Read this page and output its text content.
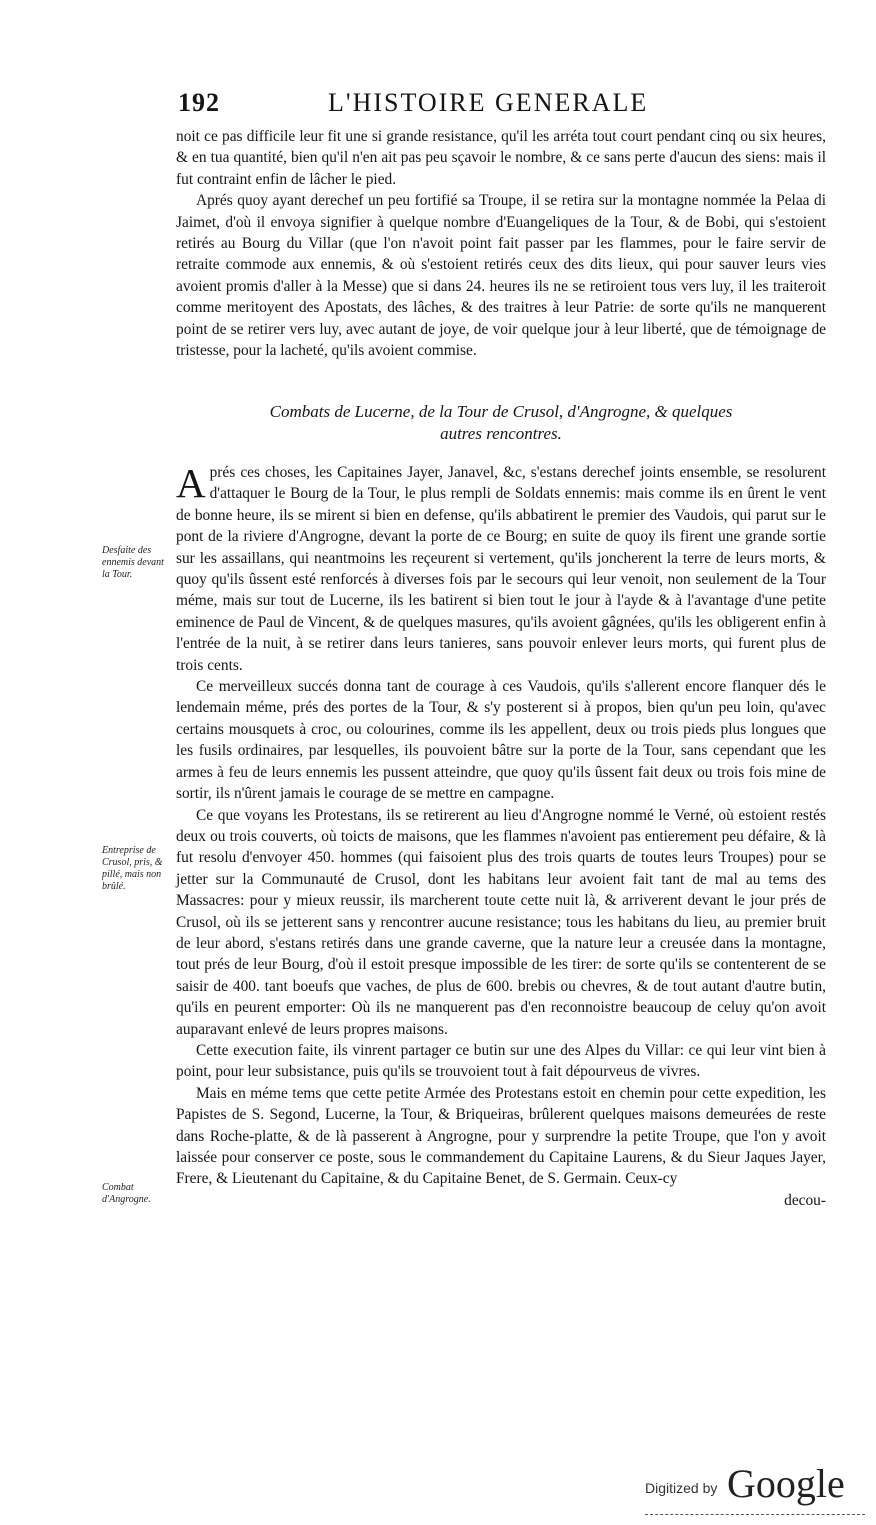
192	L'HISTOIRE GENERALE

noit ce pas difficile leur fit une si grande resistance, qu'il les arréta tout court pendant cinq ou six heures, & en tua quantité, bien qu'il n'en ait pas peu sçavoir le nombre, & ce sans perte d'aucun des siens: mais il fut contraint enfin de lâcher le pied.

Aprés quoy ayant derechef un peu fortifié sa Troupe, il se retira sur la montagne nommée la Pelaa di Jaimet, d'où il envoya signifier à quelque nombre d'Euangeliques de la Tour, & de Bobi, qui s'estoient retirés au Bourg du Villar (que l'on n'avoit point fait passer par les flammes, pour le faire servir de retraite commode aux ennemis, & où s'estoient retirés ceux des dits lieux, qui pour sauver leurs vies avoient promis d'aller à la Messe) que si dans 24. heures ils ne se retiroient tous vers luy, il les traiteroit comme meritoyent des Apostats, des lâches, & des traitres à leur Patrie: de sorte qu'ils ne manquerent point de se retirer vers luy, avec autant de joye, de voir quelque jour à leur liberté, que de témoignage de tristesse, pour la lacheté, qu'ils avoient commise.

Combats de Lucerne, de la Tour de Crusol, d'Angrogne, & quelques
autres rencontres.

A prés ces choses, les Capitaines Jayer, Janavel, &c, s'estans derechef joints ensemble, se resolurent d'attaquer le Bourg de la Tour, le plus rempli de Soldats ennemis: mais comme ils en ûrent le vent de bonne heure, ils se mirent si bien en defense, qu'ils abbatirent le premier des Vaudois, qui parut sur le pont de la riviere d'Angrogne, devant la porte de ce Bourg; en suite de quoy ils firent une grande sortie sur les assaillans, qui neantmoins les reçeurent si vertement, qu'ils joncherent la terre de leurs morts, & quoy qu'ils ûssent esté renforcés à diverses fois par le secours qui leur venoit, non seulement de la Tour méme, mais sur tout de Lucerne, ils les batirent si bien tout le jour à l'ayde & à l'avantage d'une petite eminence de Paul de Vincent, & de quelques masures, qu'ils avoient gâgnées, qu'ils les obligerent enfin à l'entrée de la nuit, à se retirer dans leurs tanieres, sans pouvoir enlever leurs morts, qui furent plus de trois cents.

Ce merveilleux succés donna tant de courage à ces Vaudois, qu'ils s'allerent encore flanquer dés le lendemain méme, prés des portes de la Tour, & s'y posterent si à propos, bien qu'un peu loin, qu'avec certains mousquets à croc, ou colourines, comme ils les appellent, deux ou trois pieds plus longues que les fusils ordinaires, par lesquelles, ils pouvoient bâtre sur la porte de la Tour, sans cependant que les armes à feu de leurs ennemis les pussent atteindre, que quoy qu'ils ûssent fait deux ou trois fois mine de sortir, ils n'ûrent jamais le courage de se mettre en campagne.

Ce que voyans les Protestans, ils se retirerent au lieu d'Angrogne nommé le Verné, où estoient restés deux ou trois couverts, où toicts de maisons, que les flammes n'avoient pas entierement peu défaire, & là fut resolu d'envoyer 450. hommes (qui faisoient plus des trois quarts de toutes leurs Troupes) pour se jetter sur la Communauté de Crusol, dont les habitans leur avoient fait tant de mal au tems des Massacres: pour y mieux reussir, ils marcherent toute cette nuit là, & arriverent devant le jour prés de Crusol, où ils se jetterent sans y rencontrer aucune resistance; tous les habitans du lieu, au premier bruit de leur abord, s'estans retirés dans une grande caverne, que la nature leur a creusée dans la montagne, tout prés de leur Bourg, d'où il estoit presque impossible de les tirer: de sorte qu'ils se contenterent de se saisir de 400. tant boeufs que vaches, de plus de 600. brebis ou chevres, & de tout autant d'autre butin, qu'ils en peurent emporter: Où ils ne manquerent pas d'en reconnoistre beaucoup de celuy qu'on avoit auparavant enlevé de leurs propres maisons.

Cette execution faite, ils vinrent partager ce butin sur une des Alpes du Villar: ce qui leur vint bien à point, pour leur subsistance, puis qu'ils se trouvoient tout à fait dépourveus de vivres.

Mais en méme tems que cette petite Armée des Protestans estoit en chemin pour cette expedition, les Papistes de S. Segond, Lucerne, la Tour, & Briqueiras, brûlerent quelques maisons demeurées de reste dans Roche-platte, & de là passerent à Angrogne, pour y surprendre la petite Troupe, que l'on y avoit laissée pour conserver ce poste, sous le commandement du Capitaine Laurens, & du Sieur Jaques Jayer, Frere, & Lieutenant du Capitaine, & du Capitaine Benet, de S. Germain. Ceux-cy

decou-
Desfaite des ennemis devant la Tour.
Entreprise de Crusol, pris, & pillé, mais non brûlé.
Combat d'Angrogne.
Digitized by Google
